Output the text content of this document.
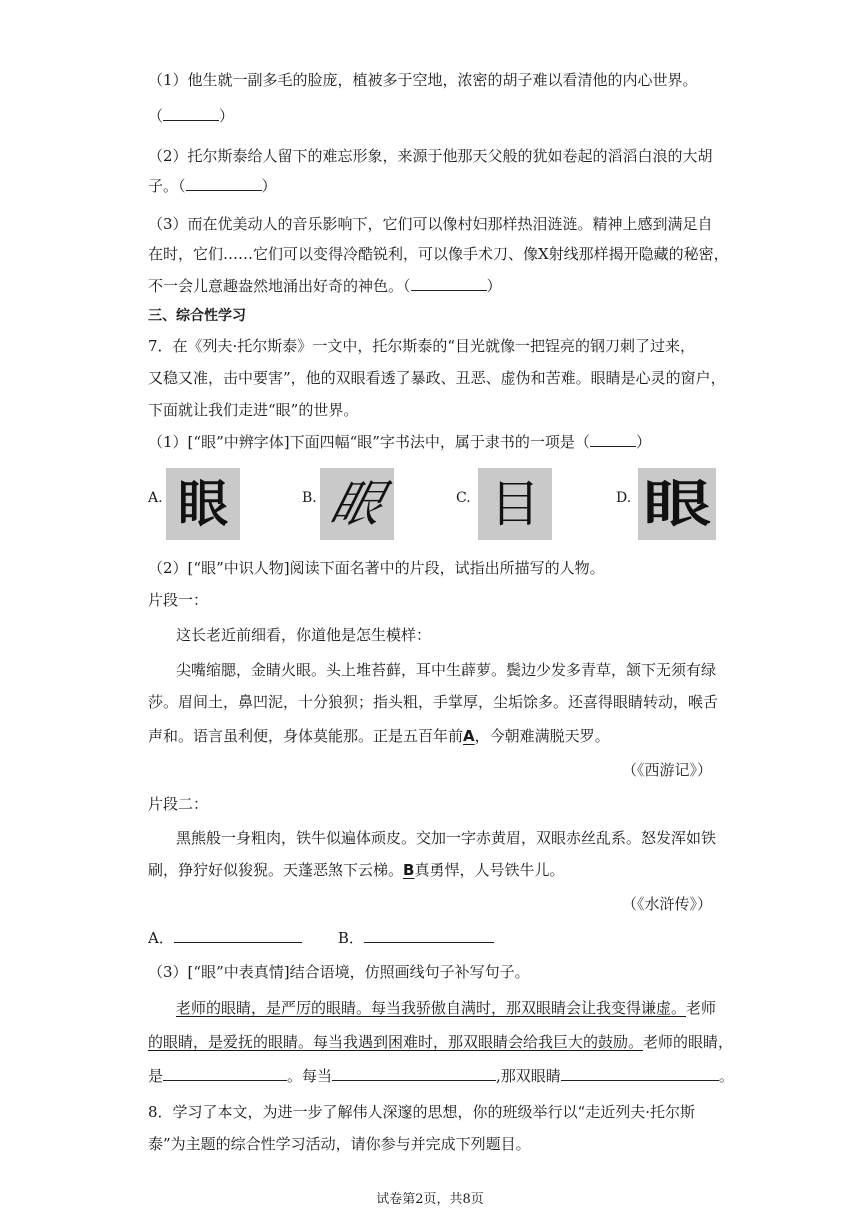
（1）他生就一副多毛的脸庞，植被多于空地，浓密的胡子难以看清他的内心世界。
（	）
（2）托尔斯泰给人留下的难忘形象，来源于他那天父般的犹如卷起的滔滔白浪的大胡
子。（	）
（3）而在优美动人的音乐影响下，它们可以像村妇那样热泪涟涟。精神上感到满足自
在时，它们……它们可以变得冷酷锐利，可以像手术刀、像X射线那样揭开隐藏的秘密，
不一会儿意趣盎然地涌出好奇的神色。（	）
三、综合性学习
7．在《列夫·托尔斯泰》一文中，托尔斯泰的“目光就像一把锃亮的钢刀刺了过来，
又稳又准，击中要害”，他的双眼看透了暴政、丑恶、虚伪和苦难。眼睛是心灵的窗户，
下面就让我们走进“眼”的世界。
（1）[“眼”中辨字体]下面四幅“眼”字书法中，属于隶书的一项是（	）
A. 眼	B. 眼	C. 目	D. 眼
（2）[“眼”中识人物]阅读下面名著中的片段，试指出所描写的人物。
片段一：
这长老近前细看，你道他是怎生模样：
尖嘴缩腮，金睛火眼。头上堆苔藓，耳中生薜萝。鬓边少发多青草，颔下无须有绿
莎。眉间土，鼻凹泥，十分狼狈；指头粗，手掌厚，尘垢馀多。还喜得眼睛转动，喉舌
声和。语言虽利便，身体莫能那。正是五百年前A，今朝难满脱天罗。
（《西游记》）
片段二：
黑熊般一身粗肉，铁牛似遍体顽皮。交加一字赤黄眉，双眼赤丝乱系。怒发浑如铁
刷，狰狞好似狻猊。天蓬恶煞下云梯。B真勇悍，人号铁牛儿。
（《水浒传》）
A．	B．
（3）[“眼”中表真情]结合语境，仿照画线句子补写句子。
老师的眼睛，是严厉的眼睛。每当我骄傲自满时，那双眼睛会让我变得谦虚。老师
的眼睛，是爱抚的眼睛。每当我遇到困难时，那双眼睛会给我巨大的鼓励。老师的眼睛，
是	。每当	,那双眼睛	。
8．学习了本文，为进一步了解伟人深邃的思想，你的班级举行以“走近列夫·托尔斯
泰”为主题的综合性学习活动，请你参与并完成下列题目。
试卷第2页，共8页
